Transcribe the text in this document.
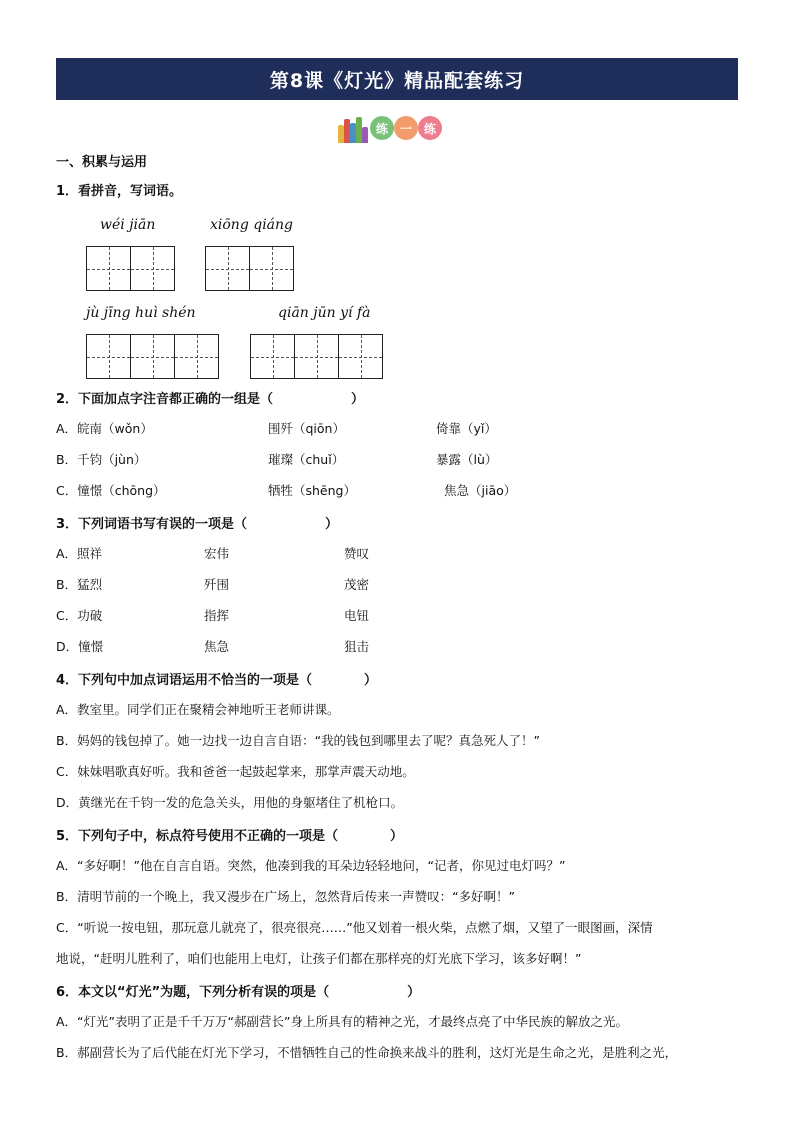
第8课《灯光》精品配套练习
练 一 练
一、积累与运用
1．看拼音，写词语。
wéi jiān	xiōng qiáng
jù jīng huì shén	qiān jūn yí fà
2．下面加点字注音都正确的一组是（　　　　　　）
A．皖南（wǒn）	围歼（qiōn）	倚靠（yǐ）
B．千钧（jùn）	璀璨（chuǐ）	暴露（lù）
C．憧憬（chōng）	牺牲（shēng）	焦急（jiāo）
3．下列词语书写有误的一项是（　　　　　　）
A．照祥	宏伟	赞叹
B．猛烈	歼围	茂密
C．功破	指挥	电钮
D．憧憬	焦急	狙击
4．下列句中加点词语运用不恰当的一项是（　　　　）
A．教室里。同学们正在聚精会神地听王老师讲课。
B．妈妈的钱包掉了。她一边找一边自言自语：“我的钱包到哪里去了呢？真急死人了！”
C．妹妹唱歌真好听。我和爸爸一起鼓起掌来，那掌声震天动地。
D．黄继光在千钧一发的危急关头，用他的身躯堵住了机枪口。
5．下列句子中，标点符号使用不正确的一项是（　　　　）
A．“多好啊！”他在自言自语。突然，他凑到我的耳朵边轻轻地问，“记者，你见过电灯吗？”
B．清明节前的一个晚上，我又漫步在广场上，忽然背后传来一声赞叹：“多好啊！”
C．“听说一按电钮，那玩意儿就亮了，很亮很亮……”他又划着一根火柴，点燃了烟，又望了一眼图画，深情
地说，“赶明儿胜利了，咱们也能用上电灯，让孩子们都在那样亮的灯光底下学习，该多好啊！”
6．本文以“灯光”为题，下列分析有误的项是（　　　　　　）
A．“灯光”表明了正是千千万万“郝副营长”身上所具有的精神之光，才最终点亮了中华民族的解放之光。
B．郝副营长为了后代能在灯光下学习，不惜牺牲自己的性命换来战斗的胜利，这灯光是生命之光，是胜利之光，
